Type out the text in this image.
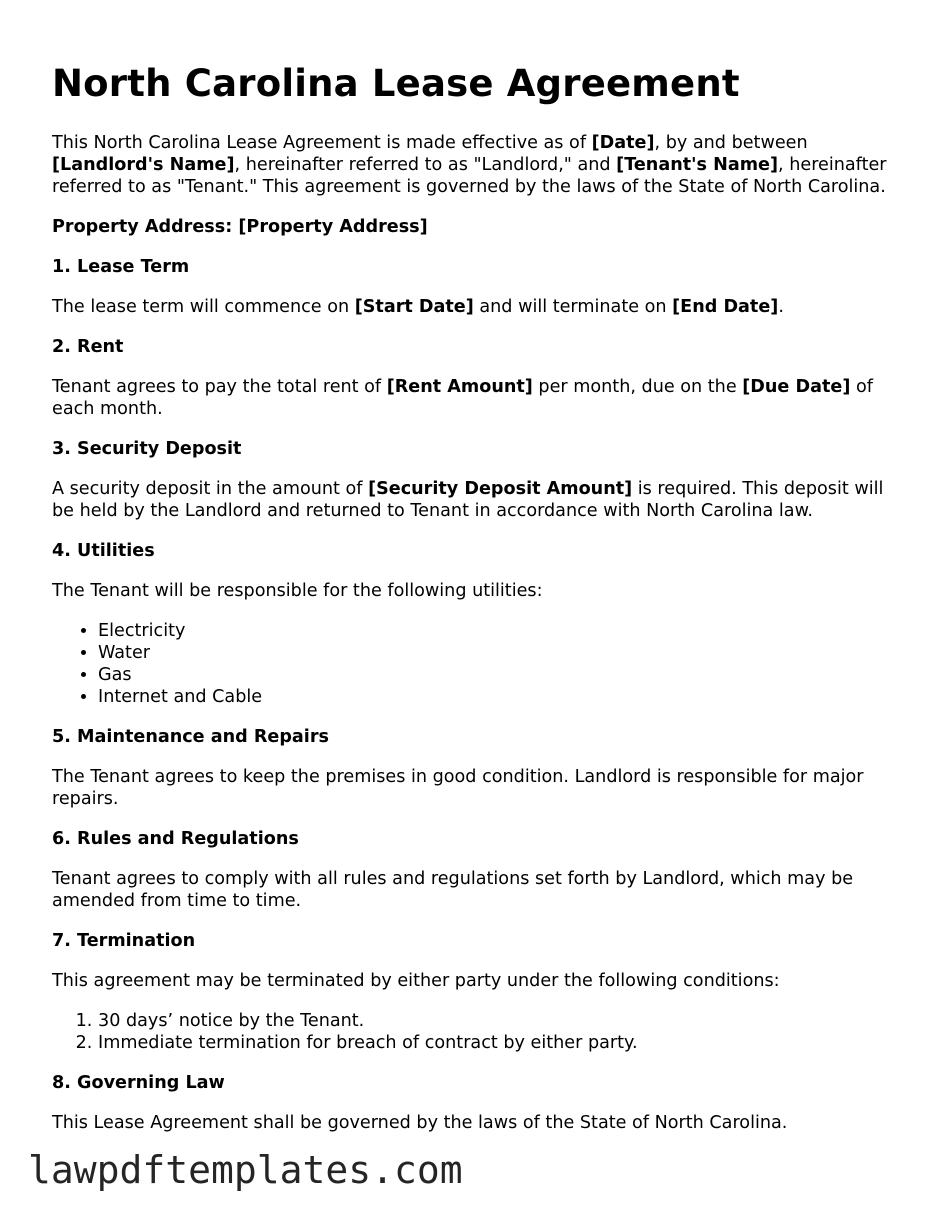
North Carolina Lease Agreement

This North Carolina Lease Agreement is made effective as of [Date], by and between [Landlord's Name], hereinafter referred to as "Landlord," and [Tenant's Name], hereinafter referred to as "Tenant." This agreement is governed by the laws of the State of North Carolina.

Property Address: [Property Address]
1. Lease Term

The lease term will commence on [Start Date] and will terminate on [End Date].

2. Rent

Tenant agrees to pay the total rent of [Rent Amount] per month, due on the [Due Date] of each month.

3. Security Deposit

A security deposit in the amount of [Security Deposit Amount] is required. This deposit will be held by the Landlord and returned to Tenant in accordance with North Carolina law.

4. Utilities

The Tenant will be responsible for the following utilities:

• Electricity
• Water
• Gas
• Internet and Cable
5. Maintenance and Repairs

The Tenant agrees to keep the premises in good condition. Landlord is responsible for major repairs.

6. Rules and Regulations

Tenant agrees to comply with all rules and regulations set forth by Landlord, which may be amended from time to time.

7. Termination

This agreement may be terminated by either party under the following conditions:

1. 30 days’ notice by the Tenant.
2. Immediate termination for breach of contract by either party.
8. Governing Law

This Lease Agreement shall be governed by the laws of the State of North Carolina.

lawpdftemplates.com
